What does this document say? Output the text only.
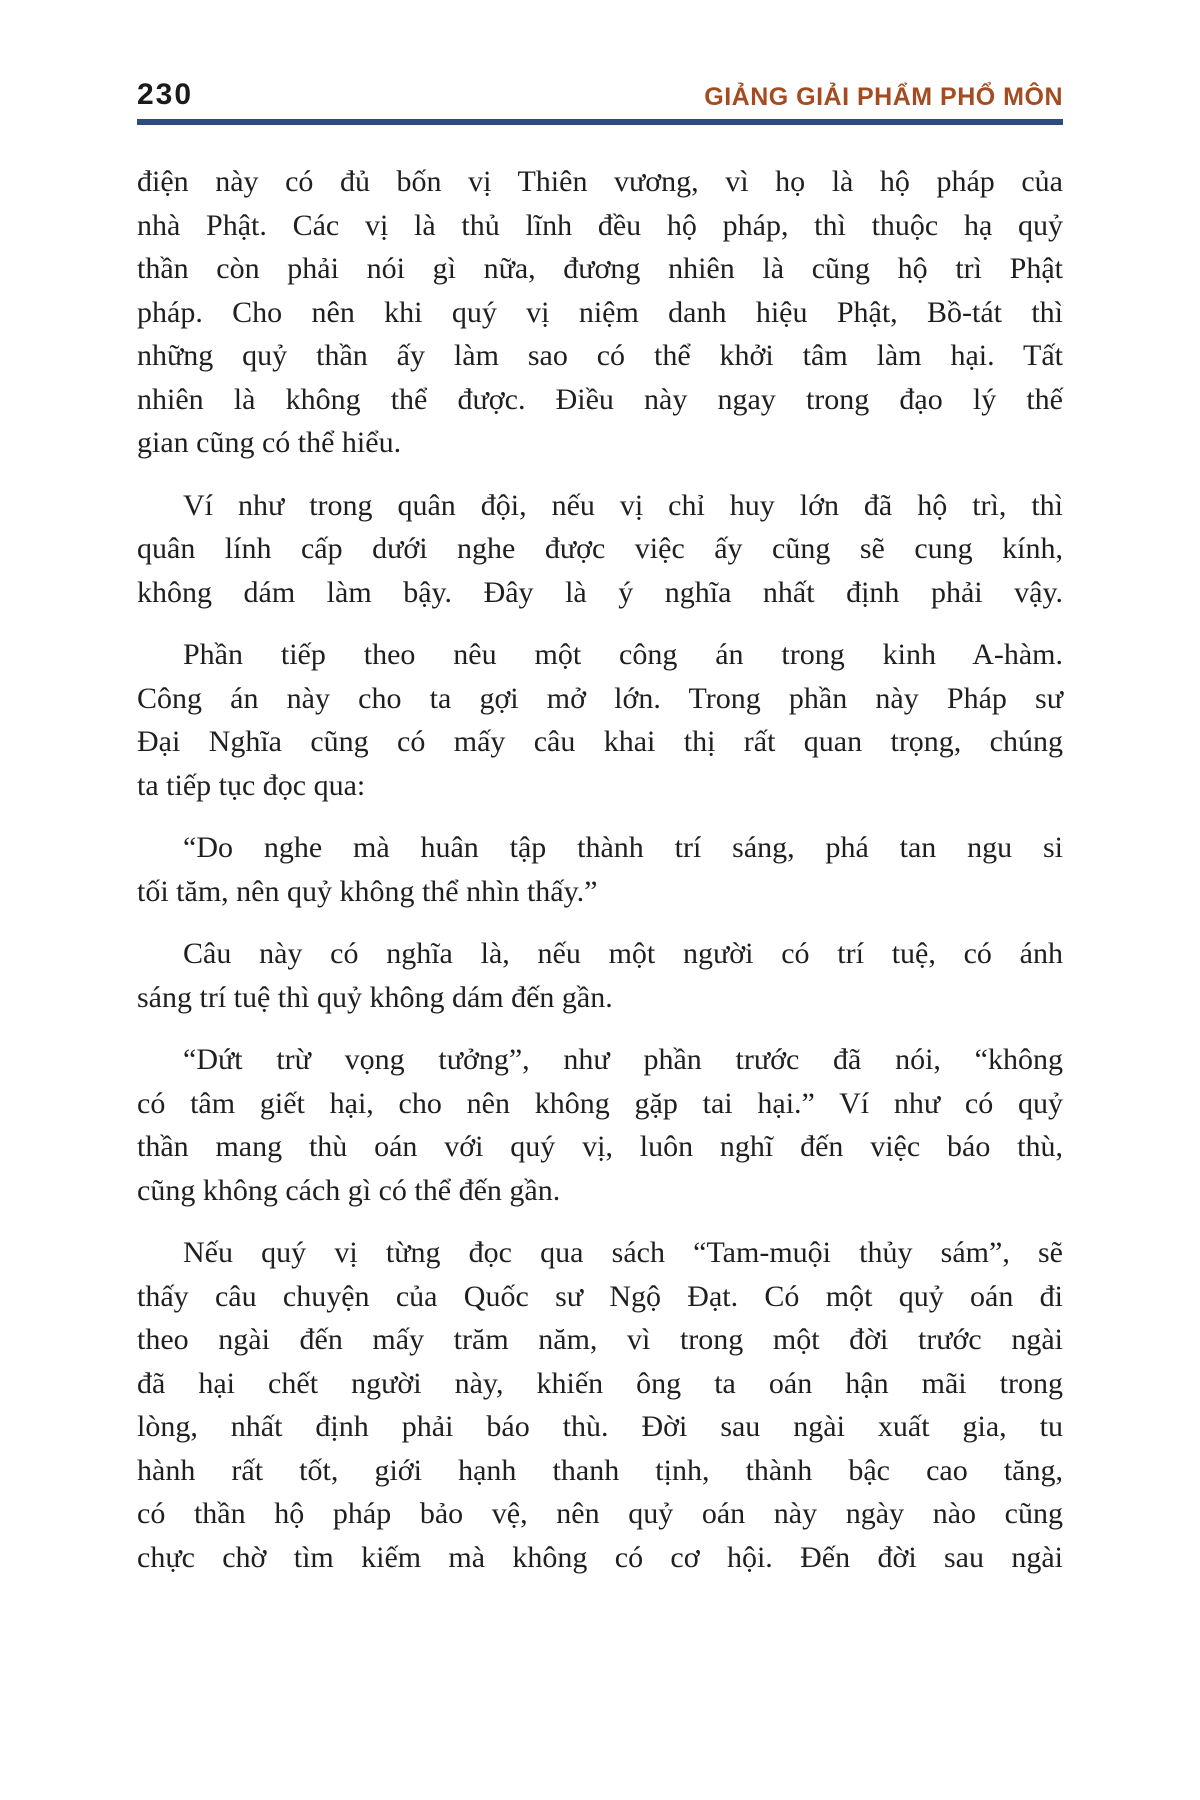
230	GIẢNG GIẢI PHẨM PHỔ MÔN
điện này có đủ bốn vị Thiên vương, vì họ là hộ pháp của
nhà Phật. Các vị là thủ lĩnh đều hộ pháp, thì thuộc hạ quỷ
thần còn phải nói gì nữa, đương nhiên là cũng hộ trì Phật
pháp. Cho nên khi quý vị niệm danh hiệu Phật, Bồ-tát thì
những quỷ thần ấy làm sao có thể khởi tâm làm hại. Tất
nhiên là không thể được. Điều này ngay trong đạo lý thế
gian cũng có thể hiểu.
Ví như trong quân đội, nếu vị chỉ huy lớn đã hộ trì, thì
quân lính cấp dưới nghe được việc ấy cũng sẽ cung kính,
không dám làm bậy. Đây là ý nghĩa nhất định phải vậy.
Phần tiếp theo nêu một công án trong kinh A-hàm.
Công án này cho ta gợi mở lớn. Trong phần này Pháp sư
Đại Nghĩa cũng có mấy câu khai thị rất quan trọng, chúng
ta tiếp tục đọc qua:
“Do nghe mà huân tập thành trí sáng, phá tan ngu si
tối tăm, nên quỷ không thể nhìn thấy.”
Câu này có nghĩa là, nếu một người có trí tuệ, có ánh
sáng trí tuệ thì quỷ không dám đến gần.
“Dứt trừ vọng tưởng”, như phần trước đã nói, “không
có tâm giết hại, cho nên không gặp tai hại.” Ví như có quỷ
thần mang thù oán với quý vị, luôn nghĩ đến việc báo thù,
cũng không cách gì có thể đến gần.
Nếu quý vị từng đọc qua sách “Tam-muội thủy sám”, sẽ
thấy câu chuyện của Quốc sư Ngộ Đạt. Có một quỷ oán đi
theo ngài đến mấy trăm năm, vì trong một đời trước ngài
đã hại chết người này, khiến ông ta oán hận mãi trong
lòng, nhất định phải báo thù. Đời sau ngài xuất gia, tu
hành rất tốt, giới hạnh thanh tịnh, thành bậc cao tăng,
có thần hộ pháp bảo vệ, nên quỷ oán này ngày nào cũng
chực chờ tìm kiếm mà không có cơ hội. Đến đời sau ngài
